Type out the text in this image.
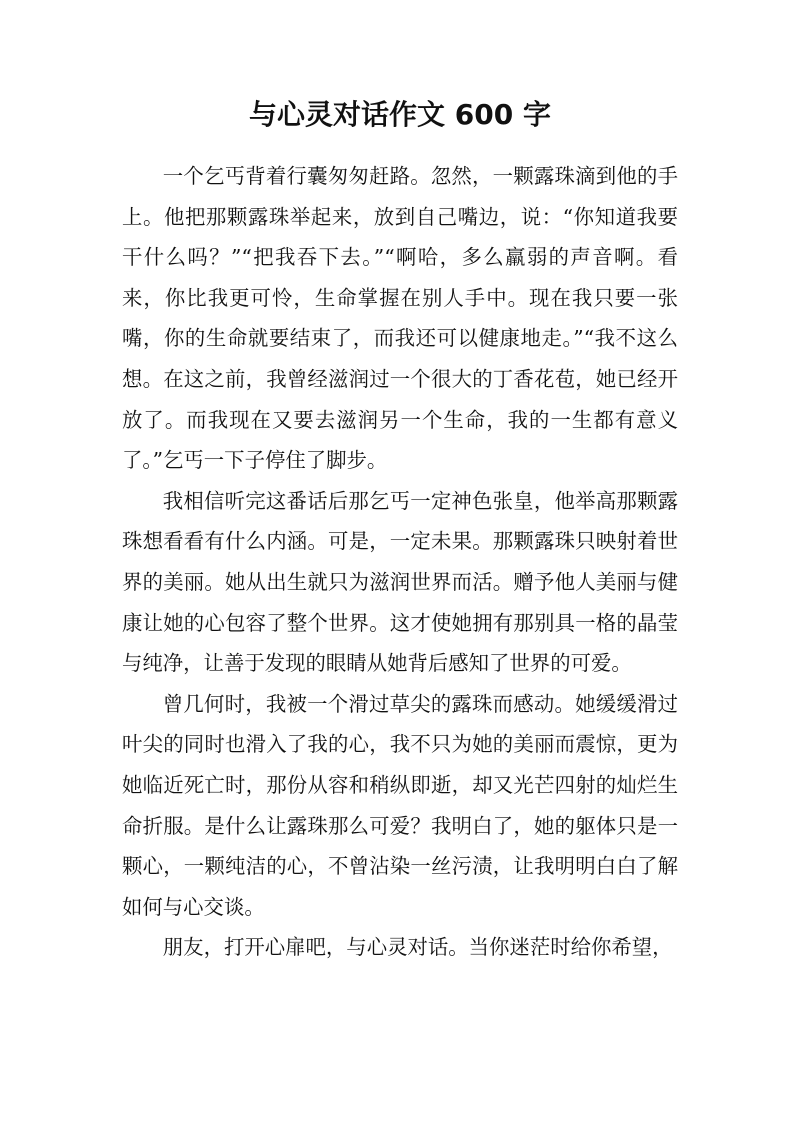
与心灵对话作文 600 字

一个乞丐背着行囊匆匆赶路。忽然，一颗露珠滴到他的手上。他把那颗露珠举起来，放到自己嘴边，说：“你知道我要干什么吗？”“把我吞下去。”“啊哈，多么羸弱的声音啊。看来，你比我更可怜，生命掌握在别人手中。现在我只要一张嘴，你的生命就要结束了，而我还可以健康地走。”“我不这么想。在这之前，我曾经滋润过一个很大的丁香花苞，她已经开放了。而我现在又要去滋润另一个生命，我的一生都有意义了。”乞丐一下子停住了脚步。

我相信听完这番话后那乞丐一定神色张皇，他举高那颗露珠想看看有什么内涵。可是，一定未果。那颗露珠只映射着世界的美丽。她从出生就只为滋润世界而活。赠予他人美丽与健康让她的心包容了整个世界。这才使她拥有那别具一格的晶莹与纯净，让善于发现的眼睛从她背后感知了世界的可爱。

曾几何时，我被一个滑过草尖的露珠而感动。她缓缓滑过叶尖的同时也滑入了我的心，我不只为她的美丽而震惊，更为她临近死亡时，那份从容和稍纵即逝，却又光芒四射的灿烂生命折服。是什么让露珠那么可爱？我明白了，她的躯体只是一颗心，一颗纯洁的心，不曾沾染一丝污渍，让我明明白白了解如何与心交谈。

朋友，打开心扉吧，与心灵对话。当你迷茫时给你希望，
